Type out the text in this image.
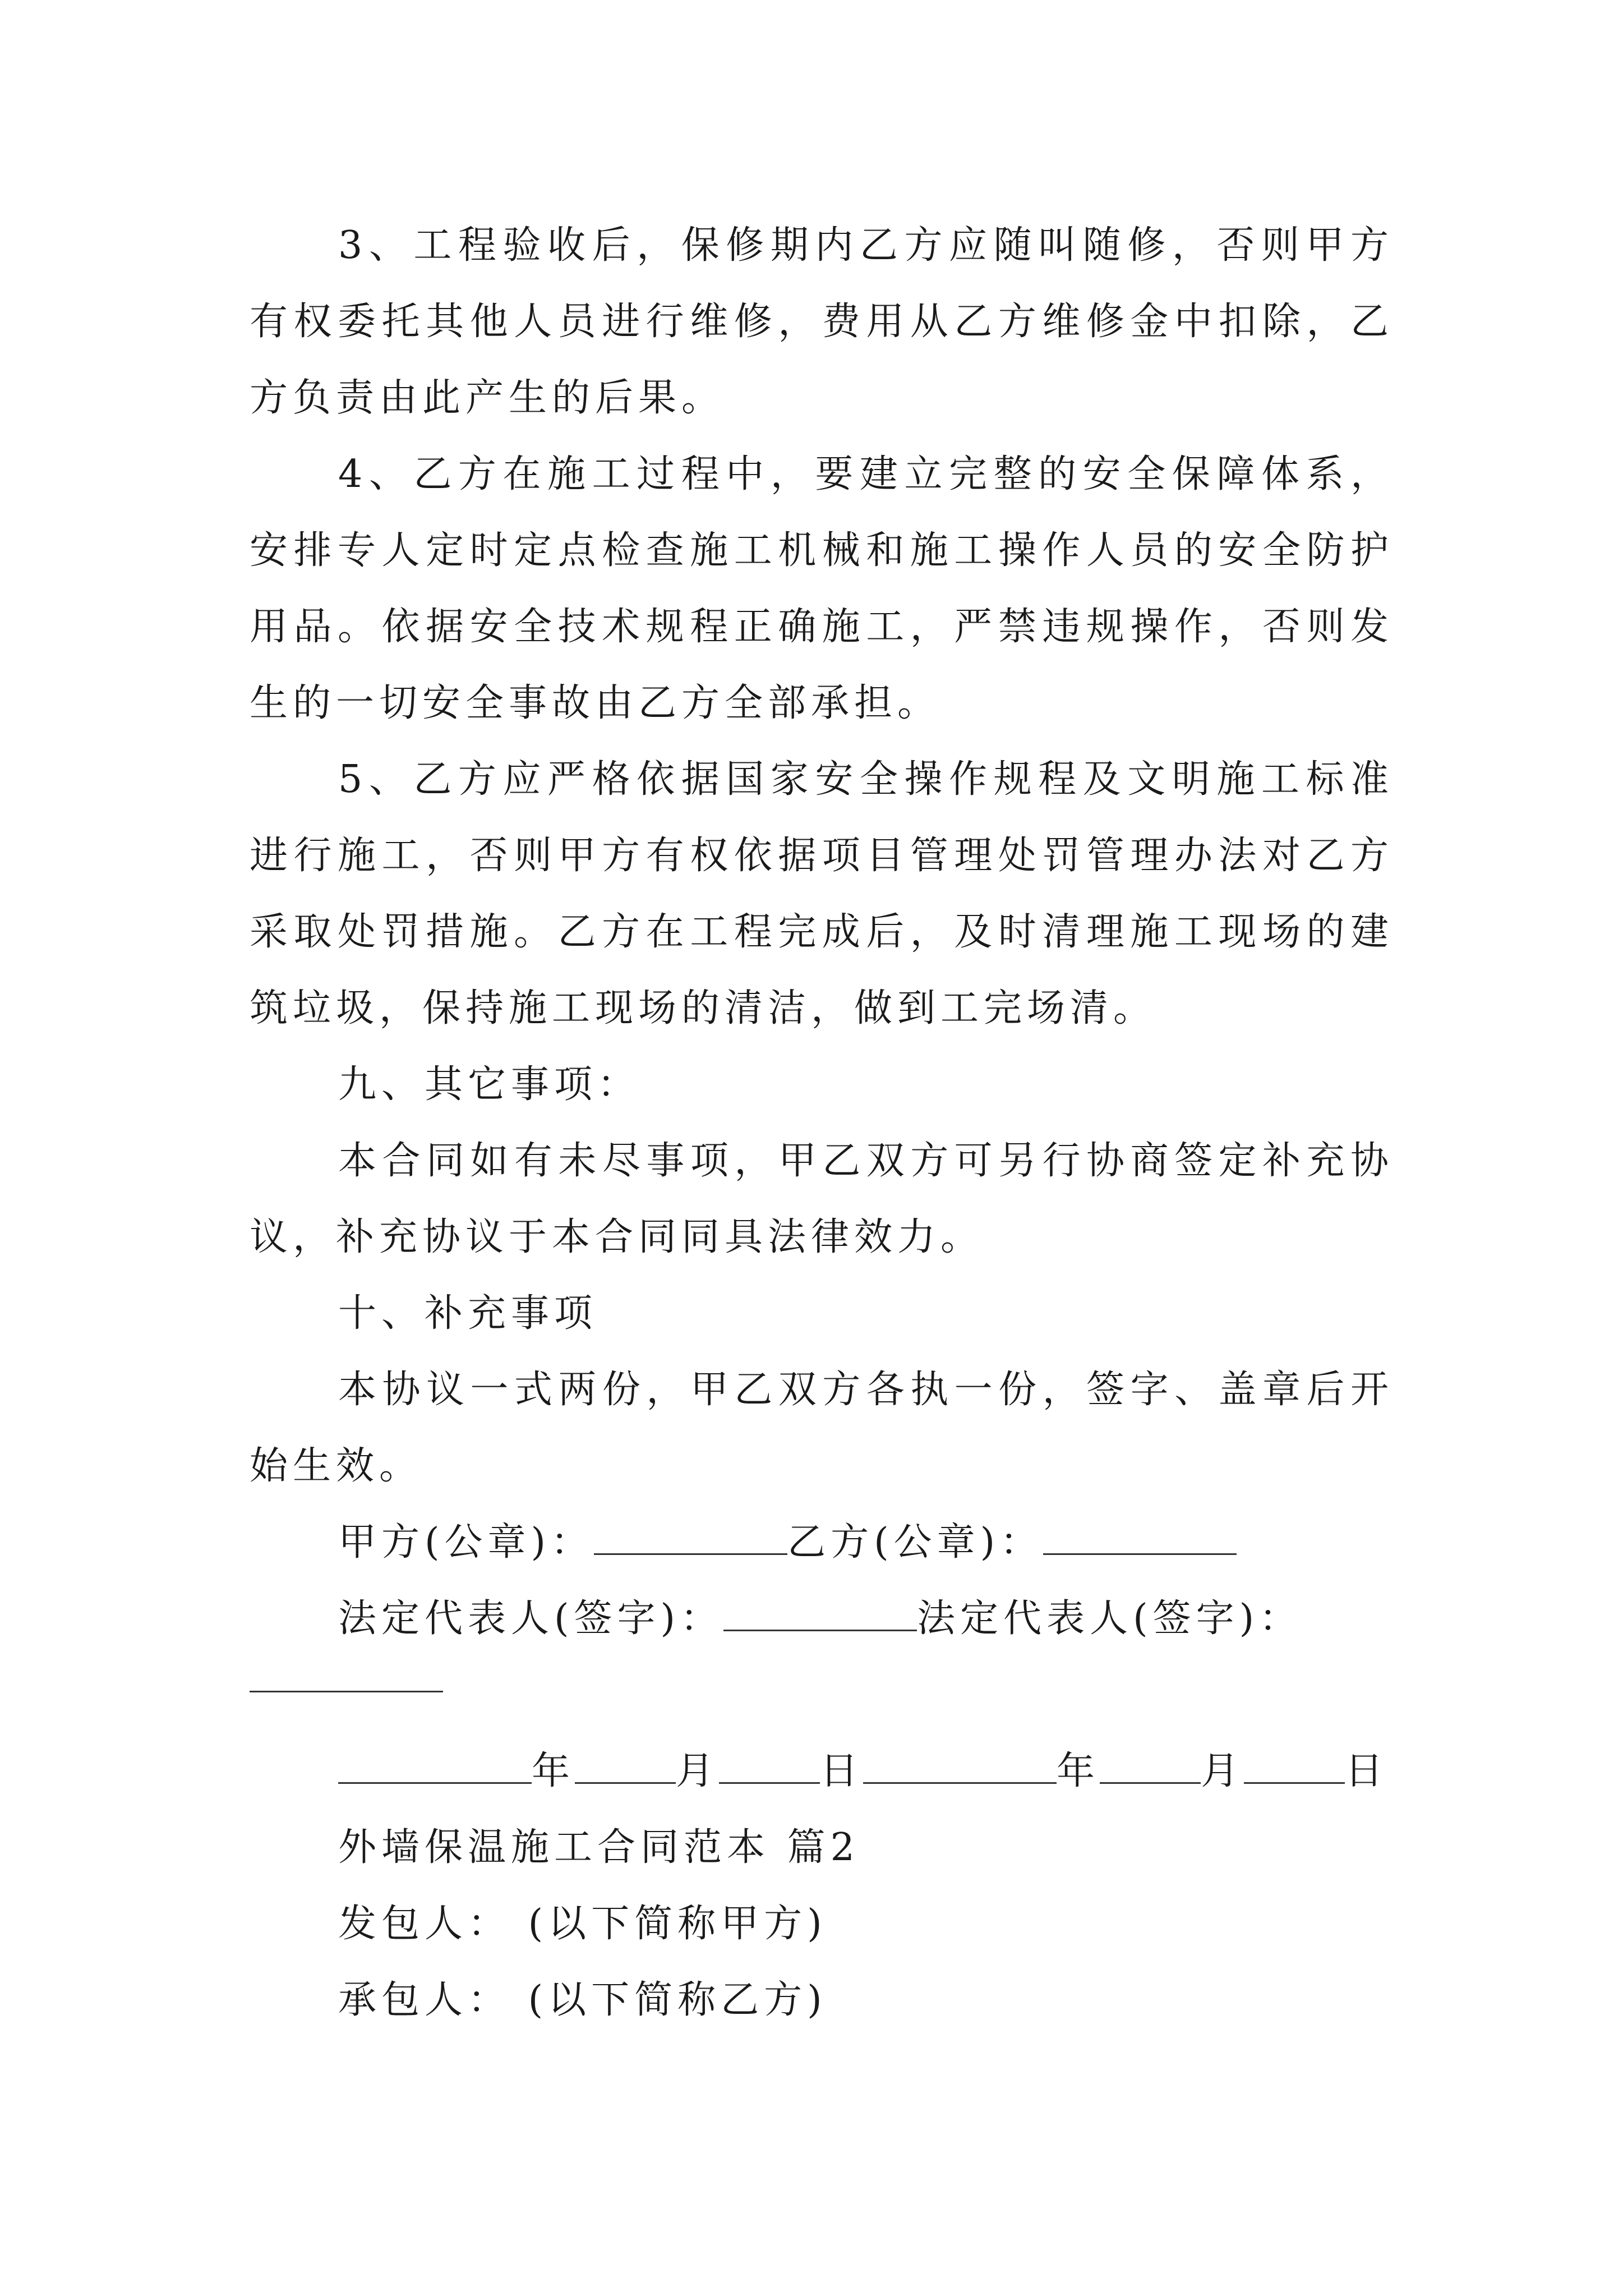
3、工程验收后，保修期内乙方应随叫随修，否则甲方有权委托其他人员进行维修，费用从乙方维修金中扣除，乙方负责由此产生的后果。

4、乙方在施工过程中，要建立完整的安全保障体系，安排专人定时定点检查施工机械和施工操作人员的安全防护用品。依据安全技术规程正确施工，严禁违规操作，否则发生的一切安全事故由乙方全部承担。

5、乙方应严格依据国家安全操作规程及文明施工标准进行施工，否则甲方有权依据项目管理处罚管理办法对乙方采取处罚措施。乙方在工程完成后，及时清理施工现场的建筑垃圾，保持施工现场的清洁，做到工完场清。

九、其它事项：

本合同如有未尽事项，甲乙双方可另行协商签定补充协议，补充协议于本合同同具法律效力。

十、补充事项

本协议一式两份，甲乙双方各执一份，签字、盖章后开始生效。

甲方(公章)：	乙方(公章)：

法定代表人(签字)：	法定代表人(签字)：

年	月	日	年	月	日

外墙保温施工合同范本 篇2

发包人： (以下简称甲方)

承包人： (以下简称乙方)
